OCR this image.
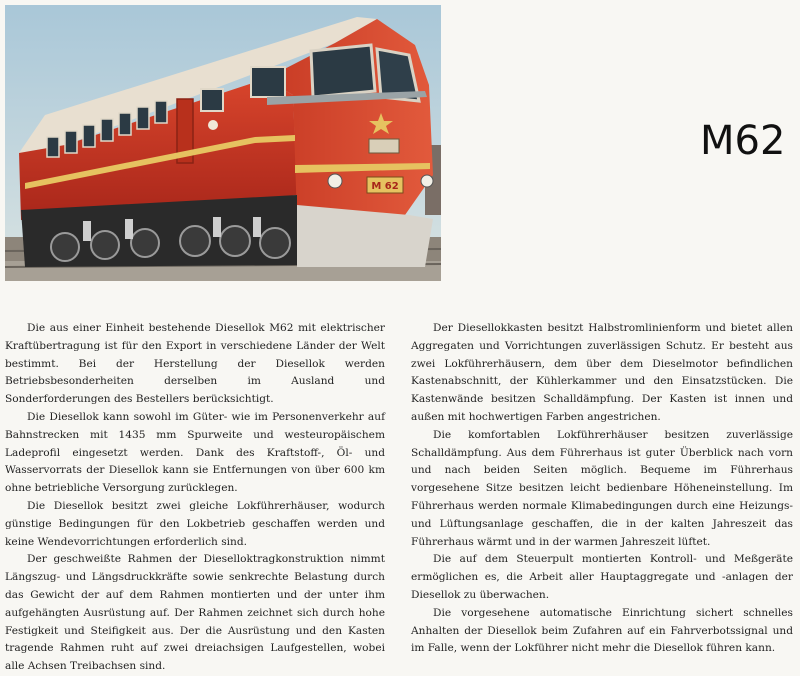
M 62
M62

Die aus einer Einheit bestehende Diesellok M62 mit elektrischer Kraftübertragung ist für den Export in verschiedene Länder der Welt bestimmt. Bei der Herstellung der Diesellok werden Betriebsbesonderheiten derselben im Ausland und Sonderforderungen des Bestellers berücksichtigt.

Die Diesellok kann sowohl im Güter- wie im Personenverkehr auf Bahnstrecken mit 1435 mm Spurweite und westeuropäischem Ladeprofil eingesetzt werden. Dank des Kraftstoff-, Öl- und Wasservorrats der Diesellok kann sie Entfernungen von über 600 km ohne betriebliche Versorgung zurücklegen.

Die Diesellok besitzt zwei gleiche Lokführerhäuser, wodurch günstige Bedingungen für den Lokbetrieb geschaffen werden und keine Wendevorrichtungen erforderlich sind.

Der geschweißte Rahmen der Dieselloktragkonstruktion nimmt Längszug- und Längsdruckkräfte sowie senkrechte Belastung durch das Gewicht der auf dem Rahmen montierten und der unter ihm aufgehängten Ausrüstung auf. Der Rahmen zeichnet sich durch hohe Festigkeit und Steifigkeit aus. Der die Ausrüstung und den Kasten tragende Rahmen ruht auf zwei dreiachsigen Laufgestellen, wobei alle Achsen Treibachsen sind.

Der Diesellokkasten besitzt Halbstromlinienform und bietet allen Aggregaten und Vorrichtungen zuverlässigen Schutz. Er besteht aus zwei Lokführerhäusern, dem über dem Dieselmotor befindlichen Kastenabschnitt, der Kühlerkammer und den Einsatzstücken. Die Kastenwände besitzen Schalldämpfung. Der Kasten ist innen und außen mit hochwertigen Farben angestrichen.

Die komfortablen Lokführerhäuser besitzen zuverlässige Schalldämpfung. Aus dem Führerhaus ist guter Überblick nach vorn und nach beiden Seiten möglich. Bequeme im Führerhaus vorgesehene Sitze besitzen leicht bedienbare Höheneinstellung. Im Führerhaus werden normale Klimabedingungen durch eine Heizungs- und Lüftungsanlage geschaffen, die in der kalten Jahreszeit das Führerhaus wärmt und in der warmen Jahreszeit lüftet.

Die auf dem Steuerpult montierten Kontroll- und Meßgeräte ermöglichen es, die Arbeit aller Hauptaggregate und -anlagen der Diesellok zu überwachen.

Die vorgesehene automatische Einrichtung sichert schnelles Anhalten der Diesellok beim Zufahren auf ein Fahrverbotssignal und im Falle, wenn der Lokführer nicht mehr die Diesellok führen kann.
